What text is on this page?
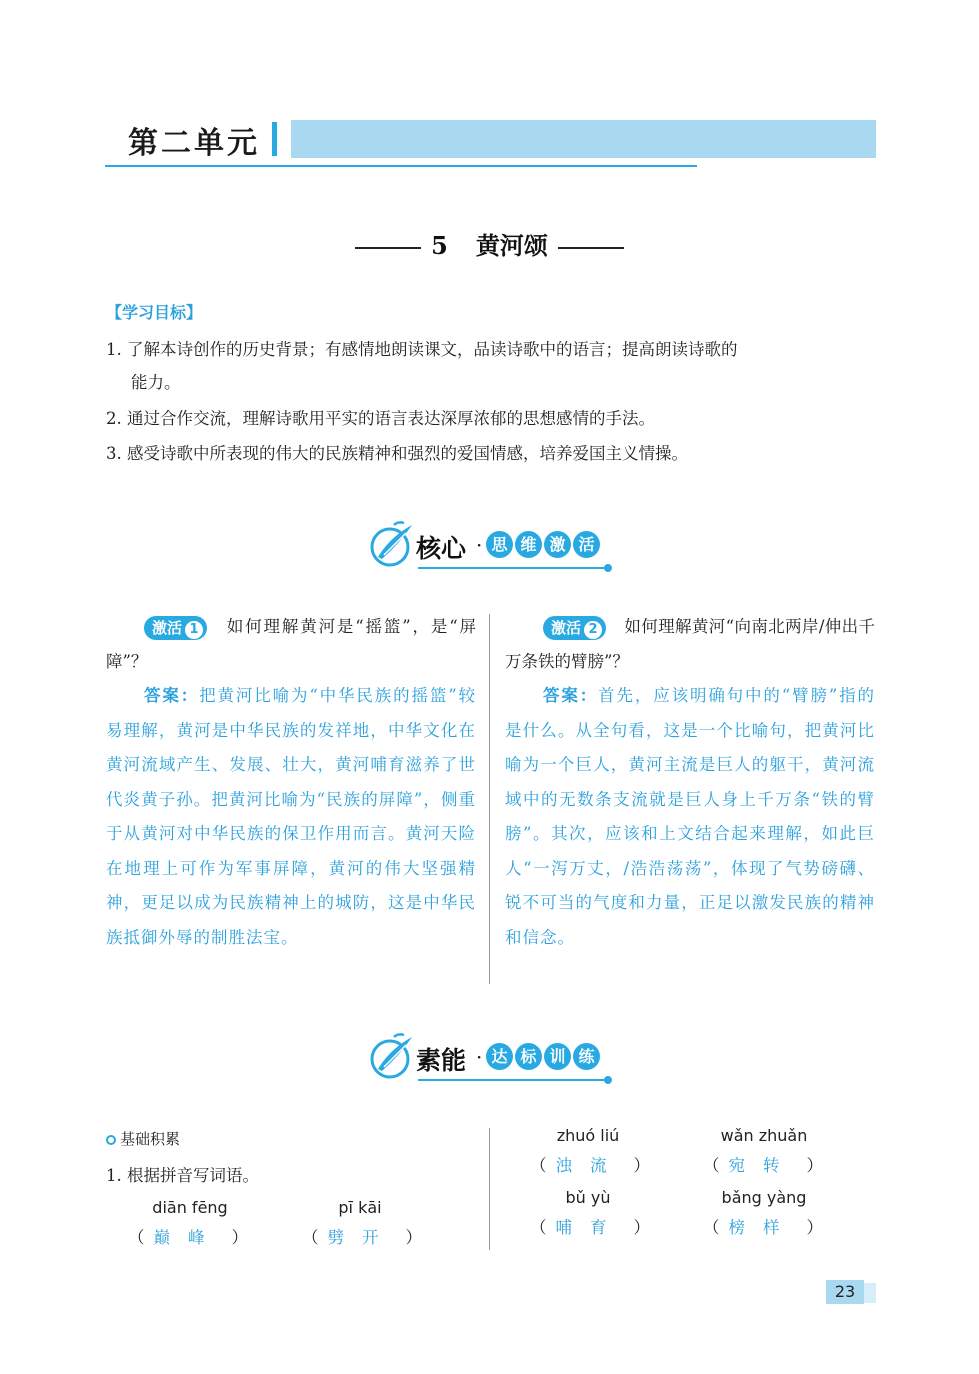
第二单元
5 黄河颂
【学习目标】
1. 了解本诗创作的历史背景；有感情地朗读课文，品读诗歌中的语言；提高朗读诗歌的
能力。
2. 通过合作交流，理解诗歌用平实的语言表达深厚浓郁的思想感情的手法。
3. 感受诗歌中所表现的伟大的民族精神和强烈的爱国情感，培养爱国主义情操。
核心 · 思 维 激 活
激活 1 如何理解黄河是“摇篮”，是“屏障”？
答案：把黄河比喻为“中华民族的摇篮”较易理解，黄河是中华民族的发祥地，中华文化在黄河流域产生、发展、壮大，黄河哺育滋养了世代炎黄子孙。把黄河比喻为“民族的屏障”，侧重于从黄河对中华民族的保卫作用而言。黄河天险在地理上可作为军事屏障，黄河的伟大坚强精神，更足以成为民族精神上的城防，这是中华民族抵御外辱的制胜法宝。
激活 2 如何理解黄河“向南北两岸/伸出千万条铁的臂膀”？
答案：首先，应该明确句中的“臂膀”指的是什么。从全句看，这是一个比喻句，把黄河比喻为一个巨人，黄河主流是巨人的躯干，黄河流域中的无数条支流就是巨人身上千万条“铁的臂膀”。其次，应该和上文结合起来理解，如此巨人“一泻万丈，/浩浩荡荡”，体现了气势磅礴、锐不可当的气度和力量，正足以激发民族的精神和信念。
素能 · 达 标 训 练
基础积累
1. 根据拼音写词语。
diān fēng
（ 巅峰 ）
pī kāi
（ 劈开 ）
zhuó liú
（ 浊流 ）
wǎn zhuǎn
（ 宛转 ）
bǔ yù
（ 哺育 ）
bǎng yàng
（ 榜样 ）
23
